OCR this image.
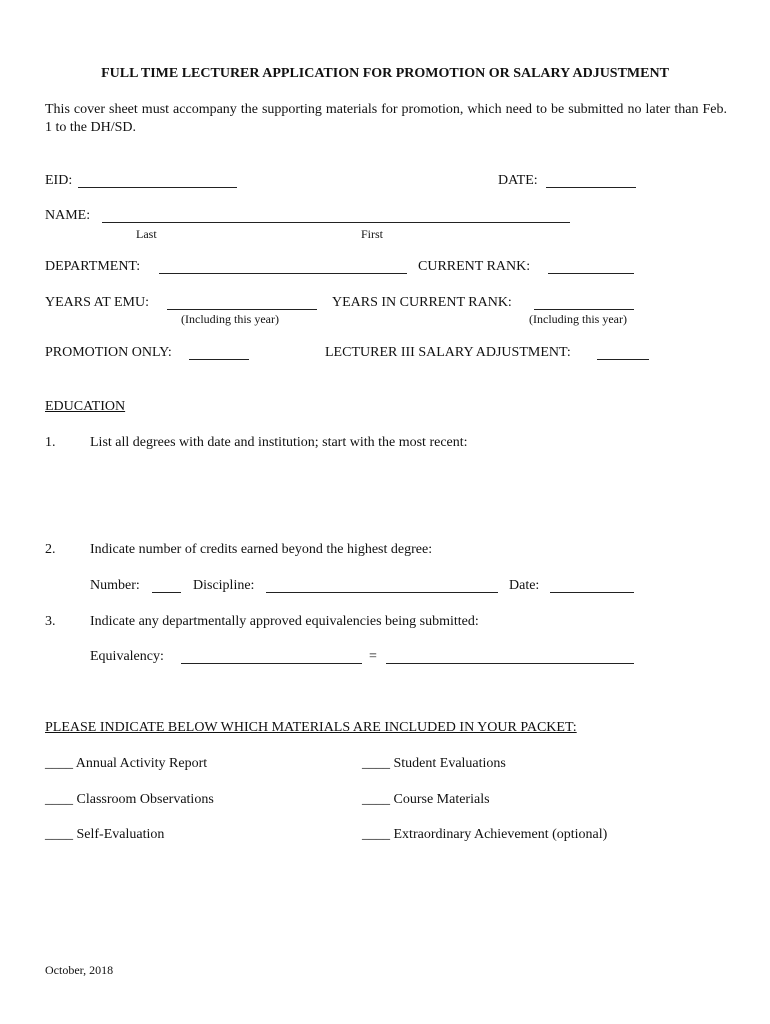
FULL TIME LECTURER APPLICATION FOR PROMOTION OR SALARY ADJUSTMENT
This cover sheet must accompany the supporting materials for promotion, which need to be submitted no later than Feb. 1 to the DH/SD.
EID:	DATE:
NAME:
Last	First
DEPARTMENT:	CURRENT RANK:
YEARS AT EMU:
(Including this year)
YEARS IN CURRENT RANK:
(Including this year)
PROMOTION ONLY:	LECTURER III SALARY ADJUSTMENT:
EDUCATION
1. List all degrees with date and institution; start with the most recent:
2. Indicate number of credits earned beyond the highest degree:
Number:	Discipline:	Date:
3. Indicate any departmentally approved equivalencies being submitted:
Equivalency:	=
PLEASE INDICATE BELOW WHICH MATERIALS ARE INCLUDED IN YOUR PACKET:
____ Annual Activity Report	____ Student Evaluations
____ Classroom Observations	____ Course Materials
____ Self-Evaluation	____ Extraordinary Achievement (optional)
October, 2018
